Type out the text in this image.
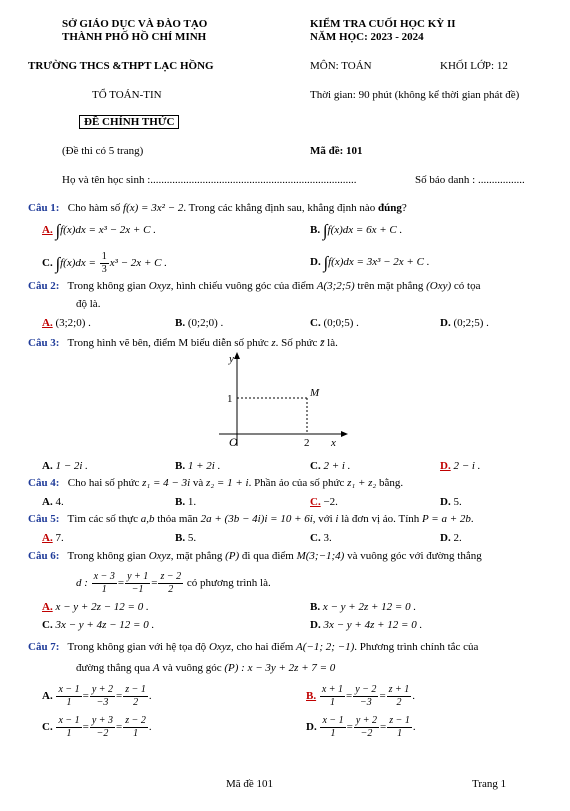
SỞ GIÁO DỤC VÀ ĐÀO TẠO
THÀNH PHỐ HỒ CHÍ MINH
KIỂM TRA CUỐI HỌC KỲ II
NĂM HỌC: 2023 - 2024
TRƯỜNG THCS &THPT LẠC HỒNG	MÔN: TOÁN	KHỐI LỚP: 12
TỔ TOÁN-TIN	Thời gian: 90 phút (không kể thời gian phát đề)
ĐỀ CHÍNH THỨC
(Đề thi có 5 trang)	Mã đề: 101
Họ và tên học sinh :...........................................................................	Số báo danh : .................
Câu 1: Cho hàm số f(x) = 3x² − 2. Trong các khẳng định sau, khẳng định nào đúng?
A. ∫f(x)dx = x³ − 2x + C .	B. ∫f(x)dx = 6x + C .
C. $\int f(x)dx = \frac{1}{3} x^3 - 2x + C$ .	D. ∫f(x)dx = 3x³ − 2x + C .
Câu 2: Trong không gian Oxyz, hình chiếu vuông góc của điểm A(3;2;5) trên mặt phẳng (Oxy) có tọa
độ là.
A. (3;2;0) .	B. (0;2;0) .	C. (0;0;5) .	D. (0;2;5) .
Câu 3: Trong hình vẽ bên, điểm M biểu diễn số phức z. Số phức z̄ là.
y
x
O
1
2
M
A. 1 − 2i .	B. 1 + 2i .	C. 2 + i .	D. 2 − i .
Câu 4: Cho hai số phức z₁ = 4 − 3i và z₂ = 1 + i. Phần ảo của số phức z₁ + z₂ bằng.
A. 4.	B. 1.	C. −2.	D. 5.
Câu 5: Tìm các số thực a,b thỏa mãn 2a + (3b − 4i)i = 10 + 6i, với i là đơn vị ảo. Tính P = a + 2b.
A. 7.	B. 5.	C. 3.	D. 2.
Câu 6: Trong không gian Oxyz, mặt phẳng (P) đi qua điểm M(3;−1;4) và vuông góc với đường thẳng
d : $\frac{x - 3}{1} = \frac{y + 1}{-1} = \frac{z - 2}{2}$ có phương trình là.
A. x − y + 2z − 12 = 0 .	B. x − y + 2z + 12 = 0 .
C. 3x − y + 4z − 12 = 0 .	D. 3x − y + 4z + 12 = 0 .
Câu 7: Trong không gian với hệ tọa độ Oxyz, cho hai điểm A(−1; 2; −1). Phương trình chính tắc của
đường thẳng qua A và vuông góc (P) : x − 3y + 2z + 7 = 0
A. $\frac{x - 1}{1} = \frac{y + 2}{-3} = \frac{z - 1}{2}$ .	B. $\frac{x + 1}{1} = \frac{y - 2}{-3} = \frac{z + 1}{2}$ .
C. $\frac{x - 1}{1} = \frac{y + 3}{-2} = \frac{z - 2}{1}$ .	D. $\frac{x - 1}{1} = \frac{y + 2}{-2} = \frac{z - 1}{1}$ .
Mã đề 101	Trang 1
